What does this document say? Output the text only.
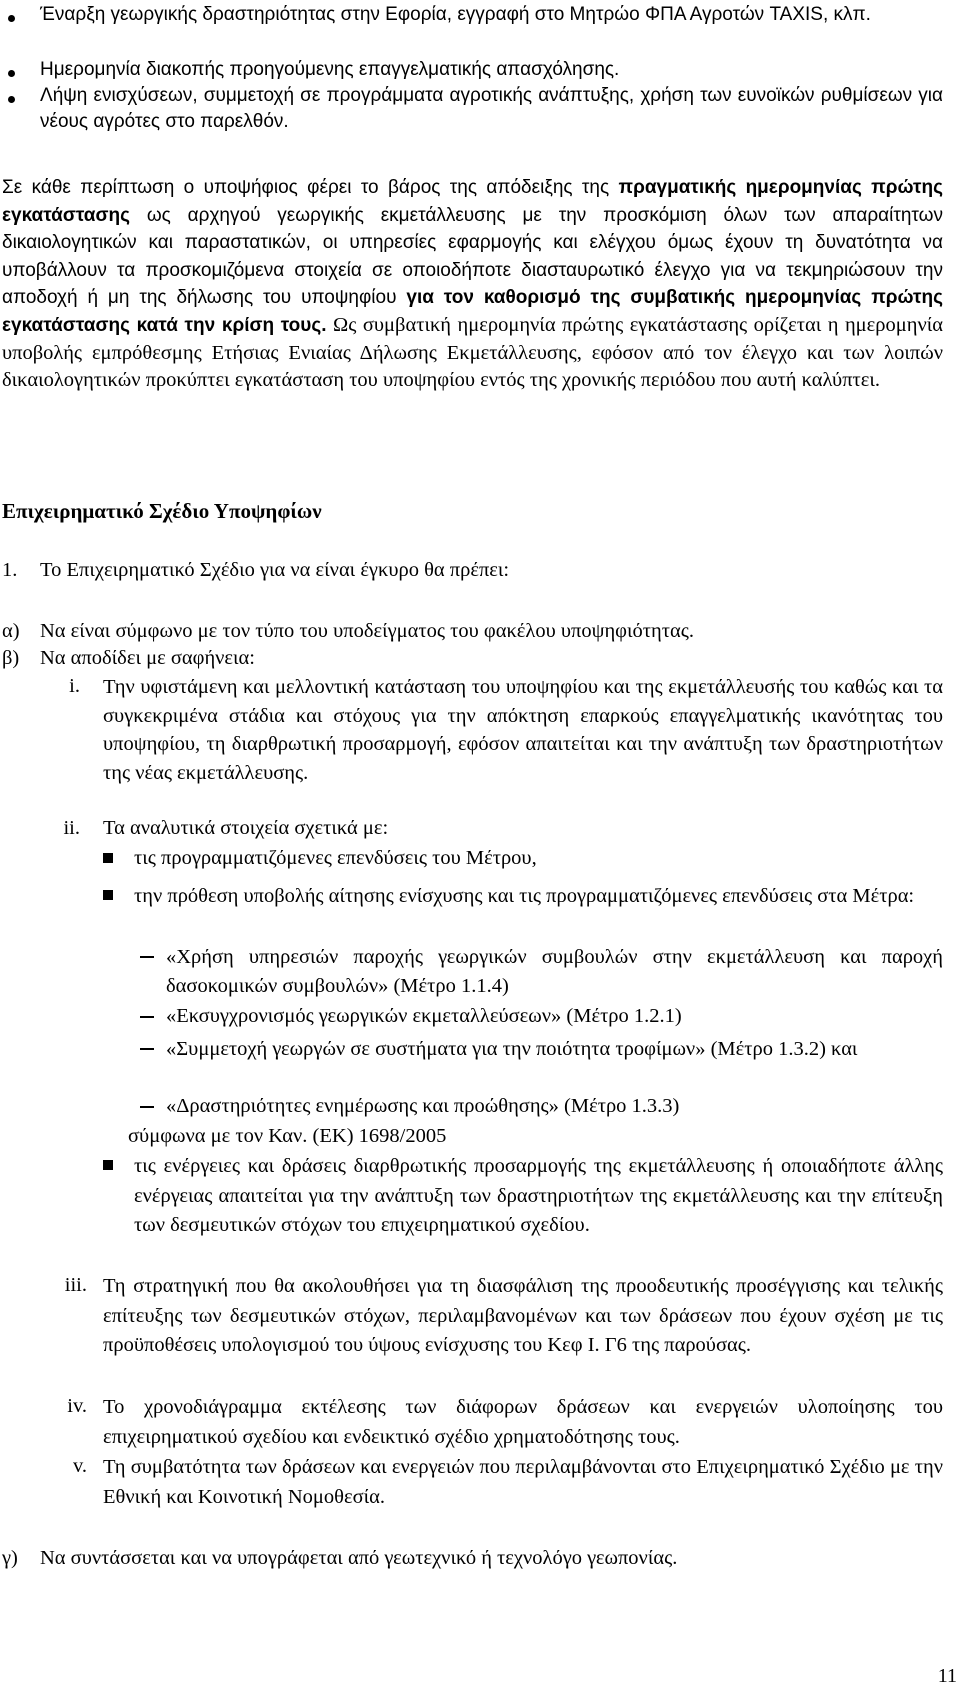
Έναρξη γεωργικής δραστηριότητας στην Εφορία, εγγραφή στο Μητρώο ΦΠΑ Αγροτών TAXIS, κλπ.
Ημερομηνία διακοπής προηγούμενης επαγγελματικής απασχόλησης.
Λήψη ενισχύσεων, συμμετοχή σε προγράμματα αγροτικής ανάπτυξης, χρήση των ευνοϊκών ρυθμίσεων για νέους αγρότες στο παρελθόν.
Σε κάθε περίπτωση ο υποψήφιος φέρει το βάρος της απόδειξης της πραγματικής ημερομηνίας πρώτης εγκατάστασης ως αρχηγού γεωργικής εκμετάλλευσης με την προσκόμιση όλων των απαραίτητων δικαιολογητικών και παραστατικών, οι υπηρεσίες εφαρμογής και ελέγχου όμως έχουν τη δυνατότητα να υποβάλλουν τα προσκομιζόμενα στοιχεία σε οποιοδήποτε διασταυρωτικό έλεγχο για να τεκμηριώσουν την αποδοχή ή μη της δήλωσης του υποψηφίου για τον καθορισμό της συμβατικής ημερομηνίας πρώτης εγκατάστασης κατά την κρίση τους. Ως συμβατική ημερομηνία πρώτης εγκατάστασης ορίζεται η ημερομηνία υποβολής εμπρόθεσμης Ετήσιας Ενιαίας Δήλωσης Εκμετάλλευσης, εφόσον από τον έλεγχο και των λοιπών δικαιολογητικών προκύπτει εγκατάσταση του υποψηφίου εντός της χρονικής περιόδου που αυτή καλύπτει.
Επιχειρηματικό Σχέδιο Υποψηφίων
1. Το Επιχειρηματικό Σχέδιο για να είναι έγκυρο θα πρέπει:
α) Να είναι σύμφωνο με τον τύπο του υποδείγματος του φακέλου υποψηφιότητας.
β) Να αποδίδει με σαφήνεια:
i. Την υφιστάμενη και μελλοντική κατάσταση του υποψηφίου και της εκμετάλλευσής του καθώς και τα συγκεκριμένα στάδια και στόχους για την απόκτηση επαρκούς επαγγελματικής ικανότητας του υποψηφίου, τη διαρθρωτική προσαρμογή, εφόσον απαιτείται και την ανάπτυξη των δραστηριοτήτων της νέας εκμετάλλευσης.
ii. Τα αναλυτικά στοιχεία σχετικά με:
τις προγραμματιζόμενες επενδύσεις του Μέτρου,
την πρόθεση υποβολής αίτησης ενίσχυσης και τις προγραμματιζόμενες επενδύσεις στα Μέτρα:
«Χρήση υπηρεσιών παροχής γεωργικών συμβουλών στην εκμετάλλευση και παροχή δασοκομικών συμβουλών» (Μέτρο 1.1.4)
«Εκσυγχρονισμός γεωργικών εκμεταλλεύσεων» (Μέτρο 1.2.1)
«Συμμετοχή γεωργών σε συστήματα για την ποιότητα τροφίμων» (Μέτρο 1.3.2) και
«Δραστηριότητες ενημέρωσης και προώθησης» (Μέτρο 1.3.3)
σύμφωνα με τον Καν. (ΕΚ) 1698/2005
τις ενέργειες και δράσεις διαρθρωτικής προσαρμογής της εκμετάλλευσης ή οποιαδήποτε άλλης ενέργειας απαιτείται για την ανάπτυξη των δραστηριοτήτων της εκμετάλλευσης και την επίτευξη των δεσμευτικών στόχων του επιχειρηματικού σχεδίου.
iii. Τη στρατηγική που θα ακολουθήσει για τη διασφάλιση της προοδευτικής προσέγγισης και τελικής επίτευξης των δεσμευτικών στόχων, περιλαμβανομένων και των δράσεων που έχουν σχέση με τις προϋποθέσεις υπολογισμού του ύψους ενίσχυσης του Κεφ Ι. Γ6 της παρούσας.
iv. Το χρονοδιάγραμμα εκτέλεσης των διάφορων δράσεων και ενεργειών υλοποίησης του επιχειρηματικού σχεδίου και ενδεικτικό σχέδιο χρηματοδότησης τους.
v. Τη συμβατότητα των δράσεων και ενεργειών που περιλαμβάνονται στο Επιχειρηματικό Σχέδιο με την Εθνική και Κοινοτική Νομοθεσία.
γ) Να συντάσσεται και να υπογράφεται από γεωτεχνικό ή τεχνολόγο γεωπονίας.
11
